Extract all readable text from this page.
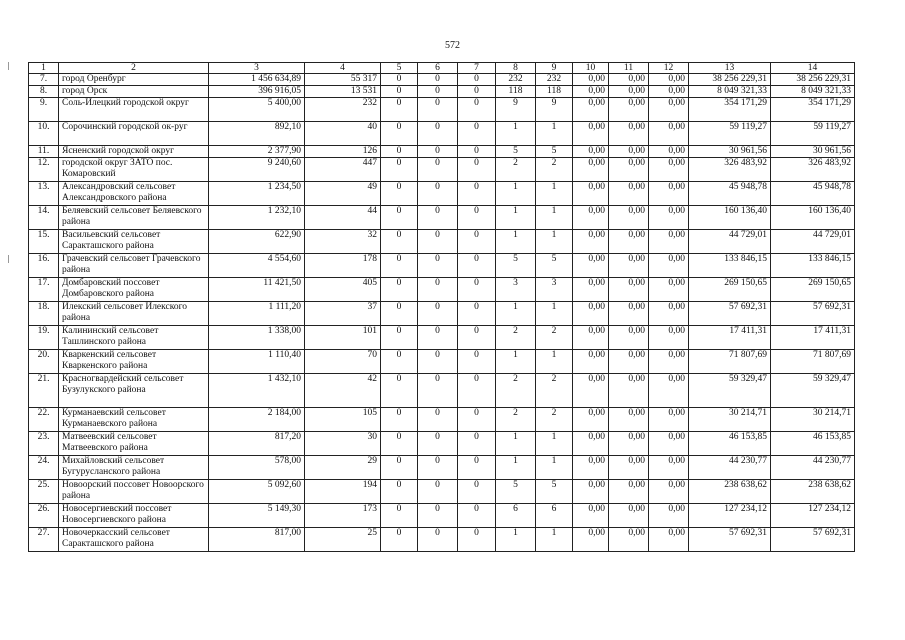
572
1	2	3	4	5	6	7	8	9	10	11	12	13	14
7.	город Оренбург	1 456 634,89	55 317	0	0	0	232	232	0,00	0,00	0,00	38 256 229,31	38 256 229,31
8.	город Орск	396 916,05	13 531	0	0	0	118	118	0,00	0,00	0,00	8 049 321,33	8 049 321,33
9.	Соль-Илецкий городской округ	5 400,00	232	0	0	0	9	9	0,00	0,00	0,00	354 171,29	354 171,29
10.	Сорочинский городской ок-руг	892,10	40	0	0	0	1	1	0,00	0,00	0,00	59 119,27	59 119,27
11.	Ясненский городской округ	2 377,90	126	0	0	0	5	5	0,00	0,00	0,00	30 961,56	30 961,56
12.	городской округ ЗАТО пос. Комаровский	9 240,60	447	0	0	0	2	2	0,00	0,00	0,00	326 483,92	326 483,92
13.	Александровский сельсовет Александровского района	1 234,50	49	0	0	0	1	1	0,00	0,00	0,00	45 948,78	45 948,78
14.	Беляевский сельсовет Беляевского района	1 232,10	44	0	0	0	1	1	0,00	0,00	0,00	160 136,40	160 136,40
15.	Васильевский сельсовет Саракташского района	622,90	32	0	0	0	1	1	0,00	0,00	0,00	44 729,01	44 729,01
16.	Грачевский сельсовет Грачевского района	4 554,60	178	0	0	0	5	5	0,00	0,00	0,00	133 846,15	133 846,15
17.	Домбаровский поссовет Домбаровского района	11 421,50	405	0	0	0	3	3	0,00	0,00	0,00	269 150,65	269 150,65
18.	Илекский сельсовет Илекского района	1 111,20	37	0	0	0	1	1	0,00	0,00	0,00	57 692,31	57 692,31
19.	Калининский сельсовет Ташлинского района	1 338,00	101	0	0	0	2	2	0,00	0,00	0,00	17 411,31	17 411,31
20.	Кваркенский сельсовет Кваркенского района	1 110,40	70	0	0	0	1	1	0,00	0,00	0,00	71 807,69	71 807,69
21.	Красногвардейский сельсовет Бузулукского района	1 432,10	42	0	0	0	2	2	0,00	0,00	0,00	59 329,47	59 329,47
22.	Курманаевский сельсовет Курманаевского района	2 184,00	105	0	0	0	2	2	0,00	0,00	0,00	30 214,71	30 214,71
23.	Матвеевский сельсовет Матвеевского района	817,20	30	0	0	0	1	1	0,00	0,00	0,00	46 153,85	46 153,85
24.	Михайловский сельсовет Бугурусланского района	578,00	29	0	0	0	1	1	0,00	0,00	0,00	44 230,77	44 230,77
25.	Новоорский поссовет Новоорского района	5 092,60	194	0	0	0	5	5	0,00	0,00	0,00	238 638,62	238 638,62
26.	Новосергиевский поссовет Новосергиевского района	5 149,30	173	0	0	0	6	6	0,00	0,00	0,00	127 234,12	127 234,12
27.	Новочеркасский сельсовет Саракташского района	817,00	25	0	0	0	1	1	0,00	0,00	0,00	57 692,31	57 692,31
